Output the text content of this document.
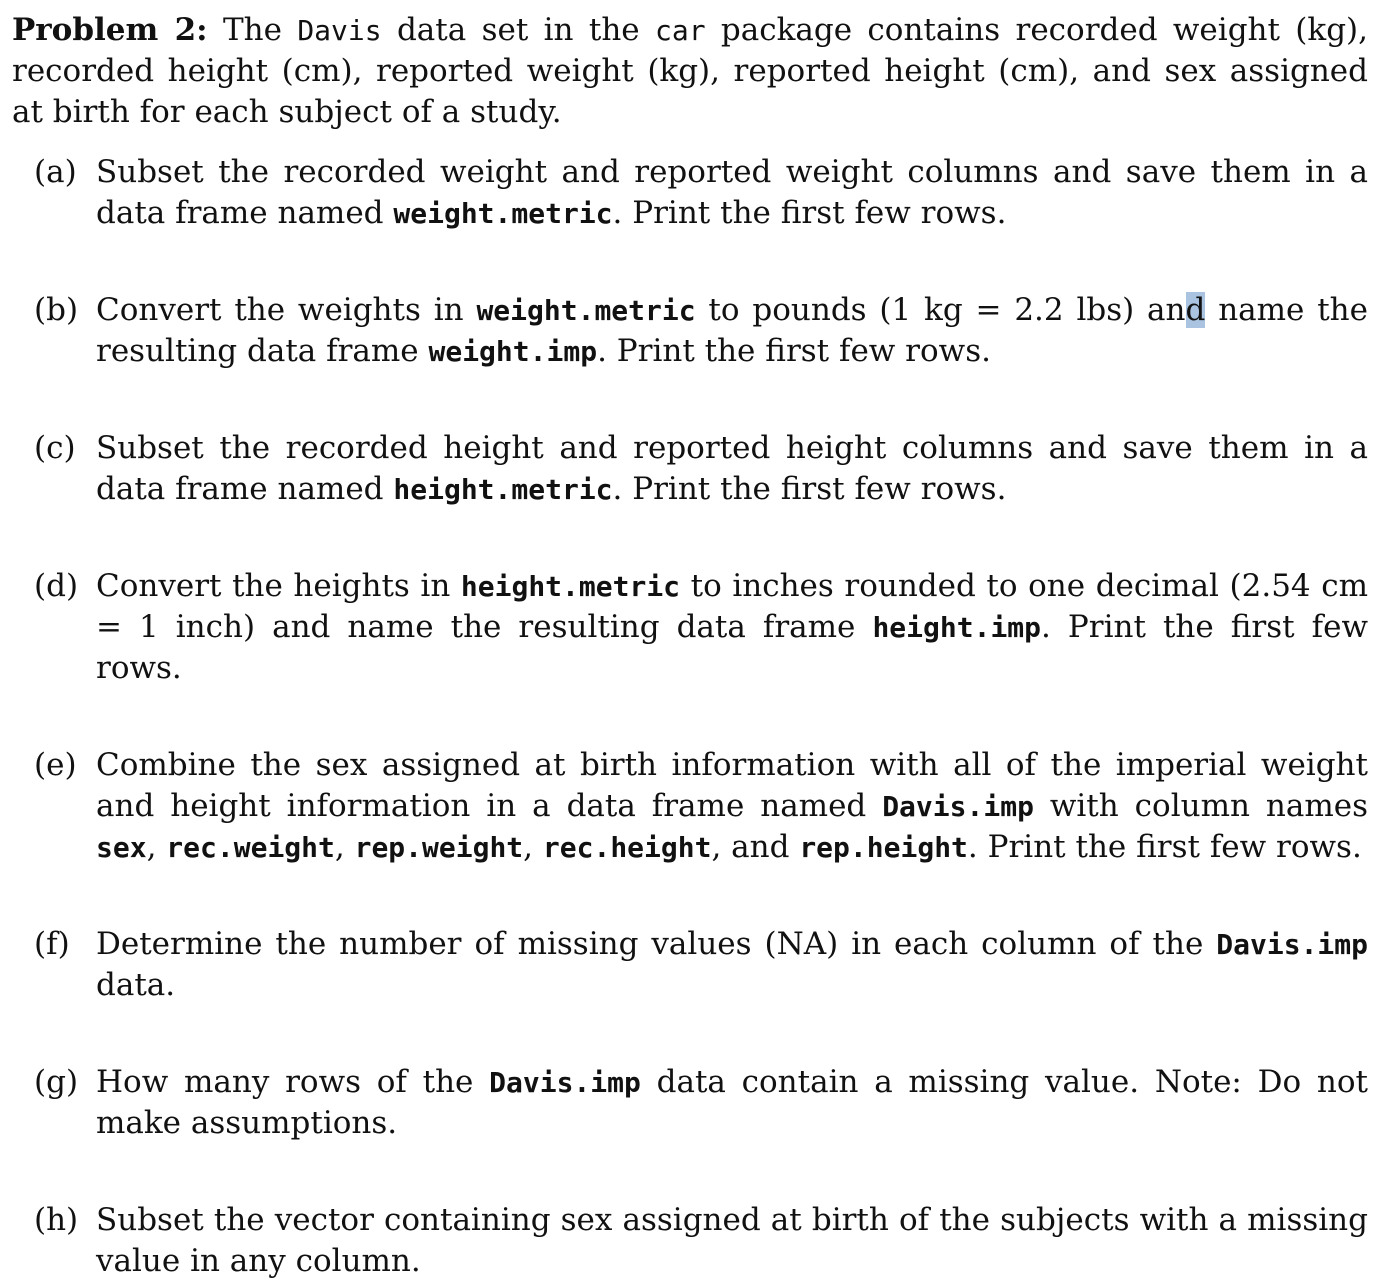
Problem 2: The Davis data set in the car package contains recorded weight (kg), recorded height (cm), reported weight (kg), reported height (cm), and sex assigned at birth for each subject of a study.

(a) Subset the recorded weight and reported weight columns and save them in a data frame named weight.metric. Print the first few rows.
(b) Convert the weights in weight.metric to pounds (1 kg = 2.2 lbs) and name the resulting data frame weight.imp. Print the first few rows.
(c) Subset the recorded height and reported height columns and save them in a data frame named height.metric. Print the first few rows.
(d) Convert the heights in height.metric to inches rounded to one decimal (2.54 cm = 1 inch) and name the resulting data frame height.imp. Print the first few rows.
(e) Combine the sex assigned at birth information with all of the imperial weight and height information in a data frame named Davis.imp with column names sex, rec.weight, rep.weight, rec.height, and rep.height. Print the first few rows.
(f) Determine the number of missing values (NA) in each column of the Davis.imp data.
(g) How many rows of the Davis.imp data contain a missing value. Note: Do not make assumptions.
(h) Subset the vector containing sex assigned at birth of the subjects with a missing value in any column.
